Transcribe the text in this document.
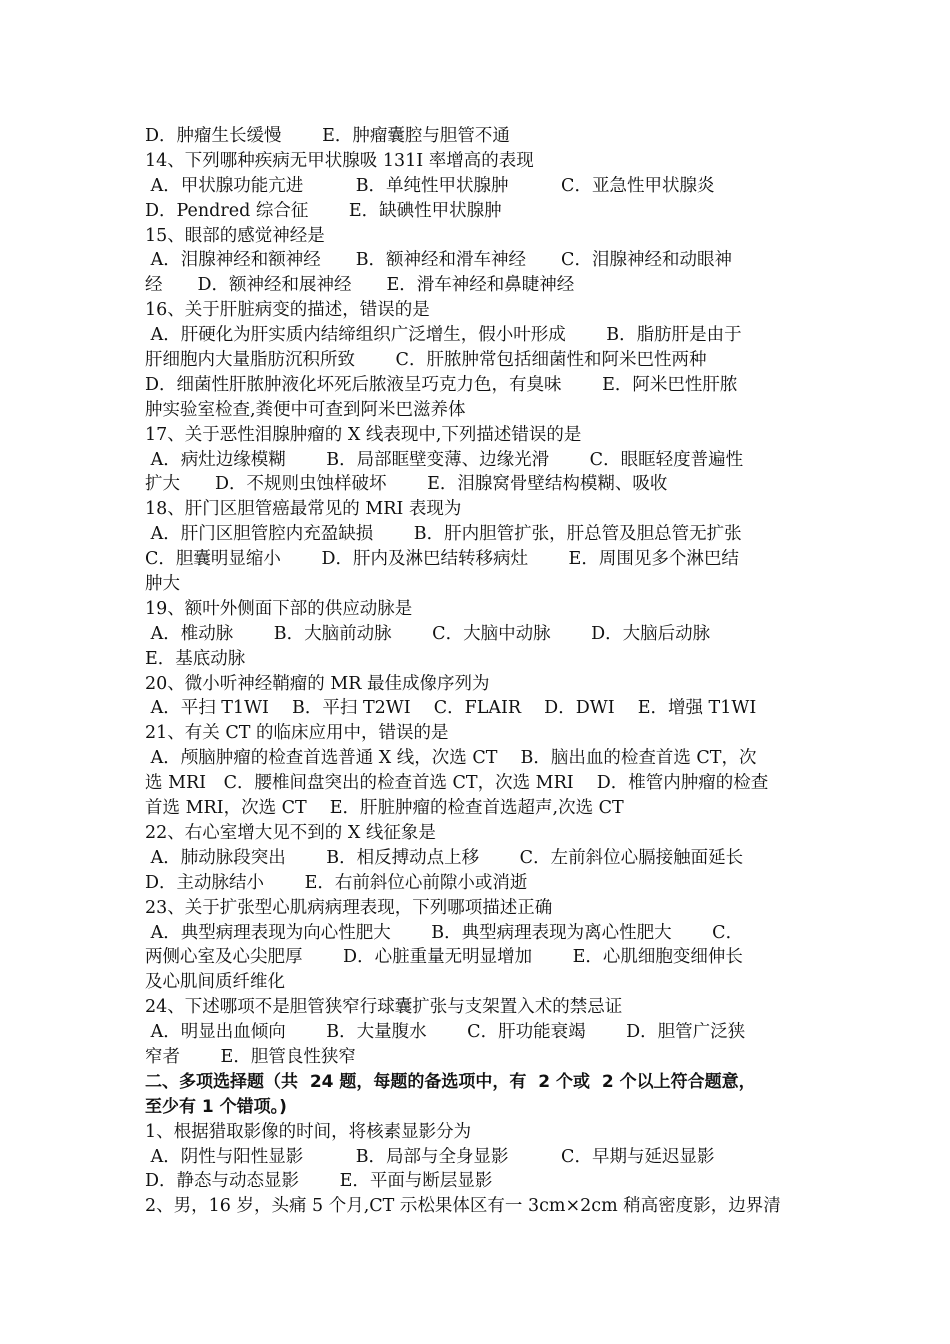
D．肿瘤生长缓慢　　 E．肿瘤囊腔与胆管不通
14、下列哪种疾病无甲状腺吸 131I 率增高的表现
A．甲状腺功能亢进　　　B．单纯性甲状腺肿　　　C．亚急性甲状腺炎
D．Pendred 综合征　　 E．缺碘性甲状腺肿
15、眼部的感觉神经是
A．泪腺神经和额神经　　B．额神经和滑车神经　　C．泪腺神经和动眼神
经　　D．额神经和展神经　　E．滑车神经和鼻睫神经
16、关于肝脏病变的描述，错误的是
A．肝硬化为肝实质内结缔组织广泛增生，假小叶形成　　 B．脂肪肝是由于
肝细胞内大量脂肪沉积所致　　 C．肝脓肿常包括细菌性和阿米巴性两种
D．细菌性肝脓肿液化坏死后脓液呈巧克力色，有臭味　　 E．阿米巴性肝脓
肿实验室检查,粪便中可查到阿米巴滋养体
17、关于恶性泪腺肿瘤的 X 线表现中,下列描述错误的是
A．病灶边缘模糊　　 B．局部眶壁变薄、边缘光滑　　 C．眼眶轻度普遍性
扩大　　D．不规则虫蚀样破坏　　 E．泪腺窝骨壁结构模糊、吸收
18、肝门区胆管癌最常见的 MRI 表现为
A．肝门区胆管腔内充盈缺损　　 B．肝内胆管扩张，肝总管及胆总管无扩张
C．胆囊明显缩小　　 D．肝内及淋巴结转移病灶　　 E．周围见多个淋巴结
肿大
19、额叶外侧面下部的供应动脉是
A．椎动脉　　 B．大脑前动脉　　 C．大脑中动脉　　 D．大脑后动脉
E．基底动脉
20、微小听神经鞘瘤的 MR 最佳成像序列为
A．平扫 T1WI　 B．平扫 T2WI　 C．FLAIR　 D．DWI　 E．增强 T1WI
21、有关 CT 的临床应用中，错误的是
A．颅脑肿瘤的检查首选普通 X 线，次选 CT　 B．脑出血的检查首选 CT，次
选 MRI　C．腰椎间盘突出的检查首选 CT，次选 MRI　 D．椎管内肿瘤的检查
首选 MRI，次选 CT　 E．肝脏肿瘤的检查首选超声,次选 CT
22、右心室增大见不到的 X 线征象是
A．肺动脉段突出　　 B．相反搏动点上移　　 C．左前斜位心膈接触面延长
D．主动脉结小　　 E．右前斜位心前隙小或消逝
23、关于扩张型心肌病病理表现，下列哪项描述正确
A．典型病理表现为向心性肥大　　 B．典型病理表现为离心性肥大　　 C．
两侧心室及心尖肥厚　　 D．心脏重量无明显增加　　 E．心肌细胞变细伸长
及心肌间质纤维化
24、下述哪项不是胆管狭窄行球囊扩张与支架置入术的禁忌证
A．明显出血倾向　　 B．大量腹水　　 C．肝功能衰竭　　 D．胆管广泛狭
窄者　　 E．胆管良性狭窄
二、多项选择题（共  24 题，每题的备选项中，有  2 个或  2 个以上符合题意，
至少有 1 个错项。)
1、根据猎取影像的时间，将核素显影分为
A．阴性与阳性显影　　　B．局部与全身显影　　　C．早期与延迟显影
D．静态与动态显影　　 E．平面与断层显影
2、男，16 岁，头痛 5 个月,CT 示松果体区有一 3cm×2cm 稍高密度影，边界清
